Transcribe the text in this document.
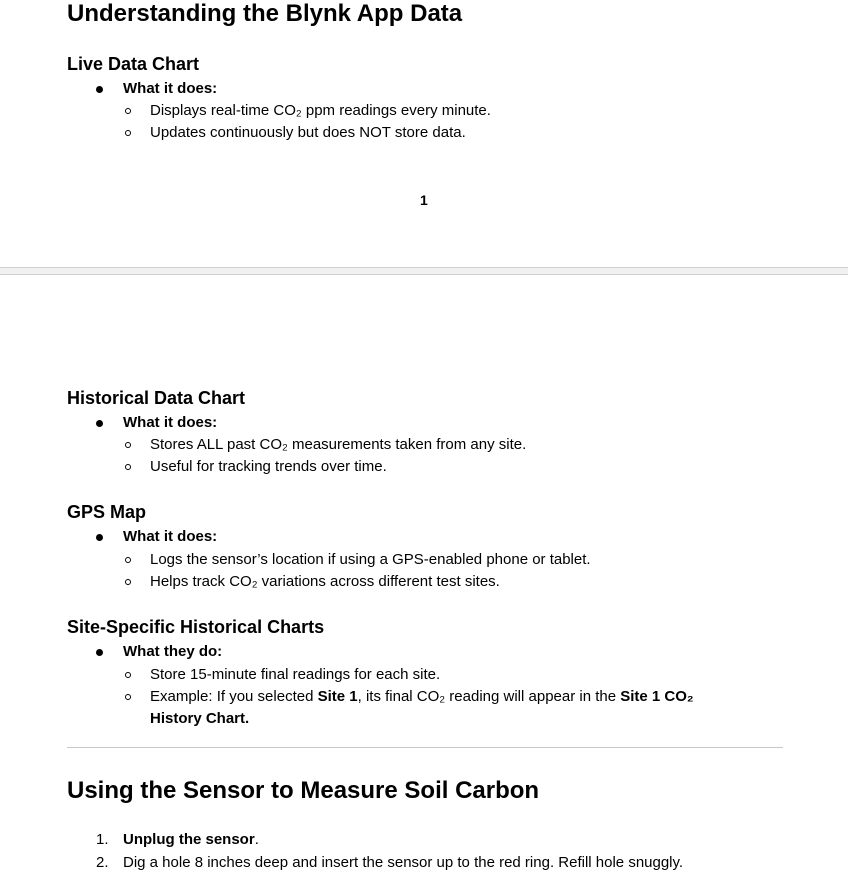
Understanding the Blynk App Data
Live Data Chart
What it does:
Displays real-time CO₂ ppm readings every minute.
Updates continuously but does NOT store data.
1
Historical Data Chart
What it does:
Stores ALL past CO₂ measurements taken from any site.
Useful for tracking trends over time.
GPS Map
What it does:
Logs the sensor’s location if using a GPS-enabled phone or tablet.
Helps track CO₂ variations across different test sites.
Site-Specific Historical Charts
What they do:
Store 15-minute final readings for each site.
Example: If you selected Site 1, its final CO₂ reading will appear in the Site 1 CO₂
History Chart.
Using the Sensor to Measure Soil Carbon
1. Unplug the sensor.
2. Dig a hole 8 inches deep and insert the sensor up to the red ring. Refill hole snuggly.
